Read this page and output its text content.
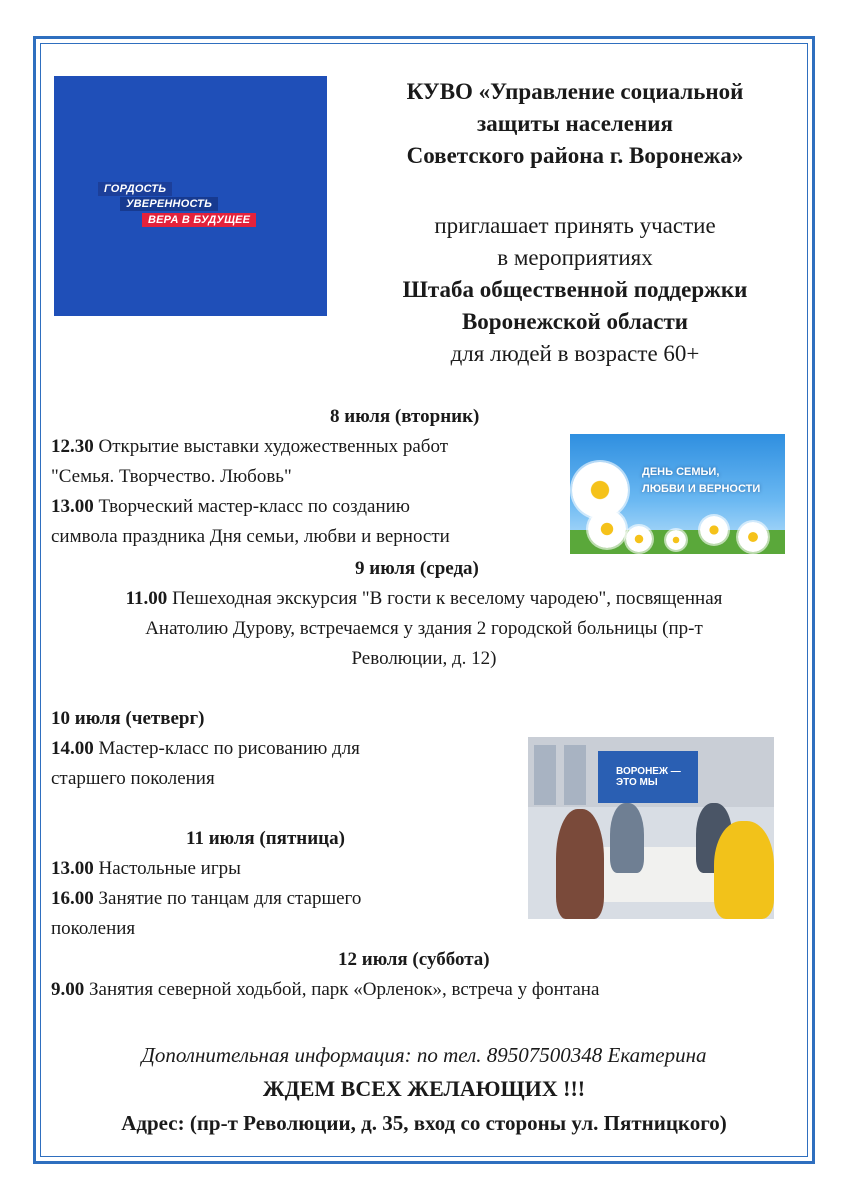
ГОРДОСТЬ
УВЕРЕННОСТЬ
ВЕРА В БУДУЩЕЕ
КУВО «Управление социальной
защиты населения
Советского района г. Воронежа»
приглашает принять участие
в мероприятиях
Штаба общественной поддержки
Воронежской области
для людей в возрасте 60+
8 июля (вторник)
12.30 Открытие выставки художественных работ
"Семья. Творчество. Любовь"
13.00 Творческий мастер-класс по созданию
символа праздника Дня семьи, любви и верности
ДЕНЬ СЕМЬИ,
ЛЮБВИ И ВЕРНОСТИ
9 июля (среда)
11.00 Пешеходная экскурсия "В гости к веселому чародею", посвященная
Анатолию Дурову, встречаемся у здания 2 городской больницы (пр-т
Революции, д. 12)
10 июля (четверг)
14.00 Мастер-класс по рисованию для
старшего поколения	ВОРОНЕЖ — ЭТО МЫ
11 июля (пятница)
13.00 Настольные игры
16.00 Занятие по танцам для старшего
поколения
12 июля (суббота)
9.00 Занятия северной ходьбой, парк «Орленок», встреча у фонтана
Дополнительная информация: по тел. 89507500348 Екатерина
ЖДЕМ ВСЕХ ЖЕЛАЮЩИХ !!!
Адрес: (пр-т Революции, д. 35, вход со стороны ул. Пятницкого)
